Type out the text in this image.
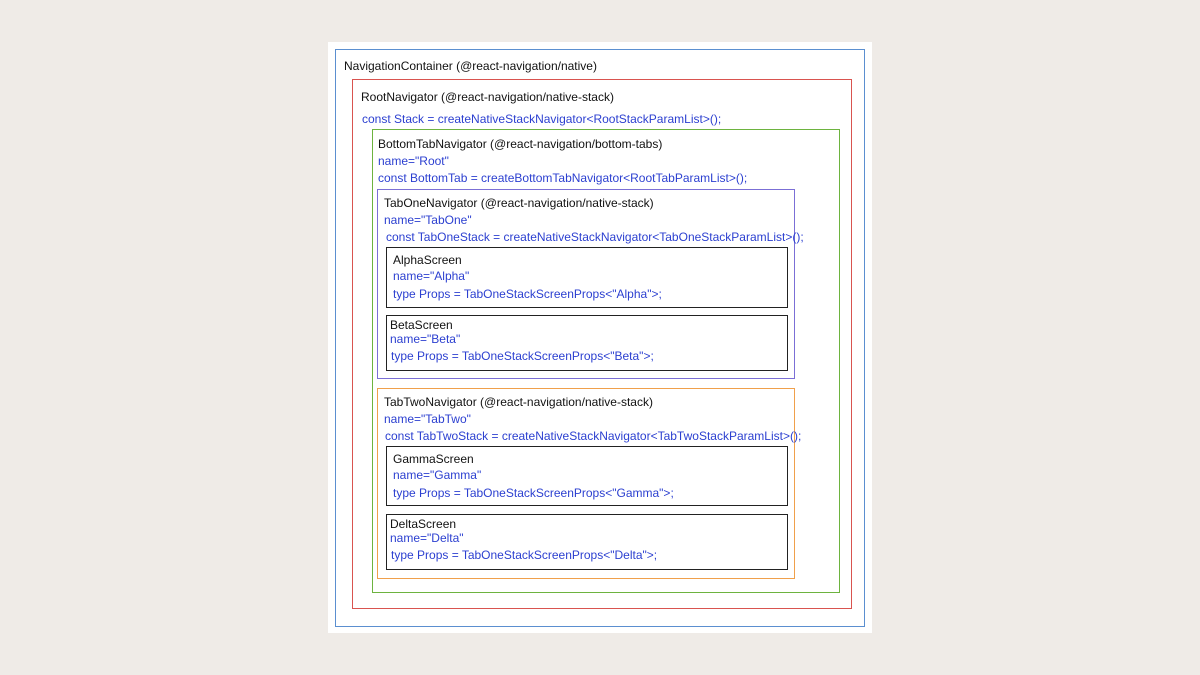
NavigationContainer (@react-navigation/native)
RootNavigator (@react-navigation/native-stack)
const Stack = createNativeStackNavigator<RootStackParamList>();
BottomTabNavigator (@react-navigation/bottom-tabs)
name="Root"
const BottomTab = createBottomTabNavigator<RootTabParamList>();
TabOneNavigator (@react-navigation/native-stack)
name="TabOne"
const TabOneStack = createNativeStackNavigator<TabOneStackParamList>();
AlphaScreen
name="Alpha"
type Props = TabOneStackScreenProps<"Alpha">;
BetaScreen
name="Beta"
type Props = TabOneStackScreenProps<"Beta">;
TabTwoNavigator (@react-navigation/native-stack)
name="TabTwo"
const TabTwoStack = createNativeStackNavigator<TabTwoStackParamList>();
GammaScreen
name="Gamma"
type Props = TabOneStackScreenProps<"Gamma">;
DeltaScreen
name="Delta"
type Props = TabOneStackScreenProps<"Delta">;
